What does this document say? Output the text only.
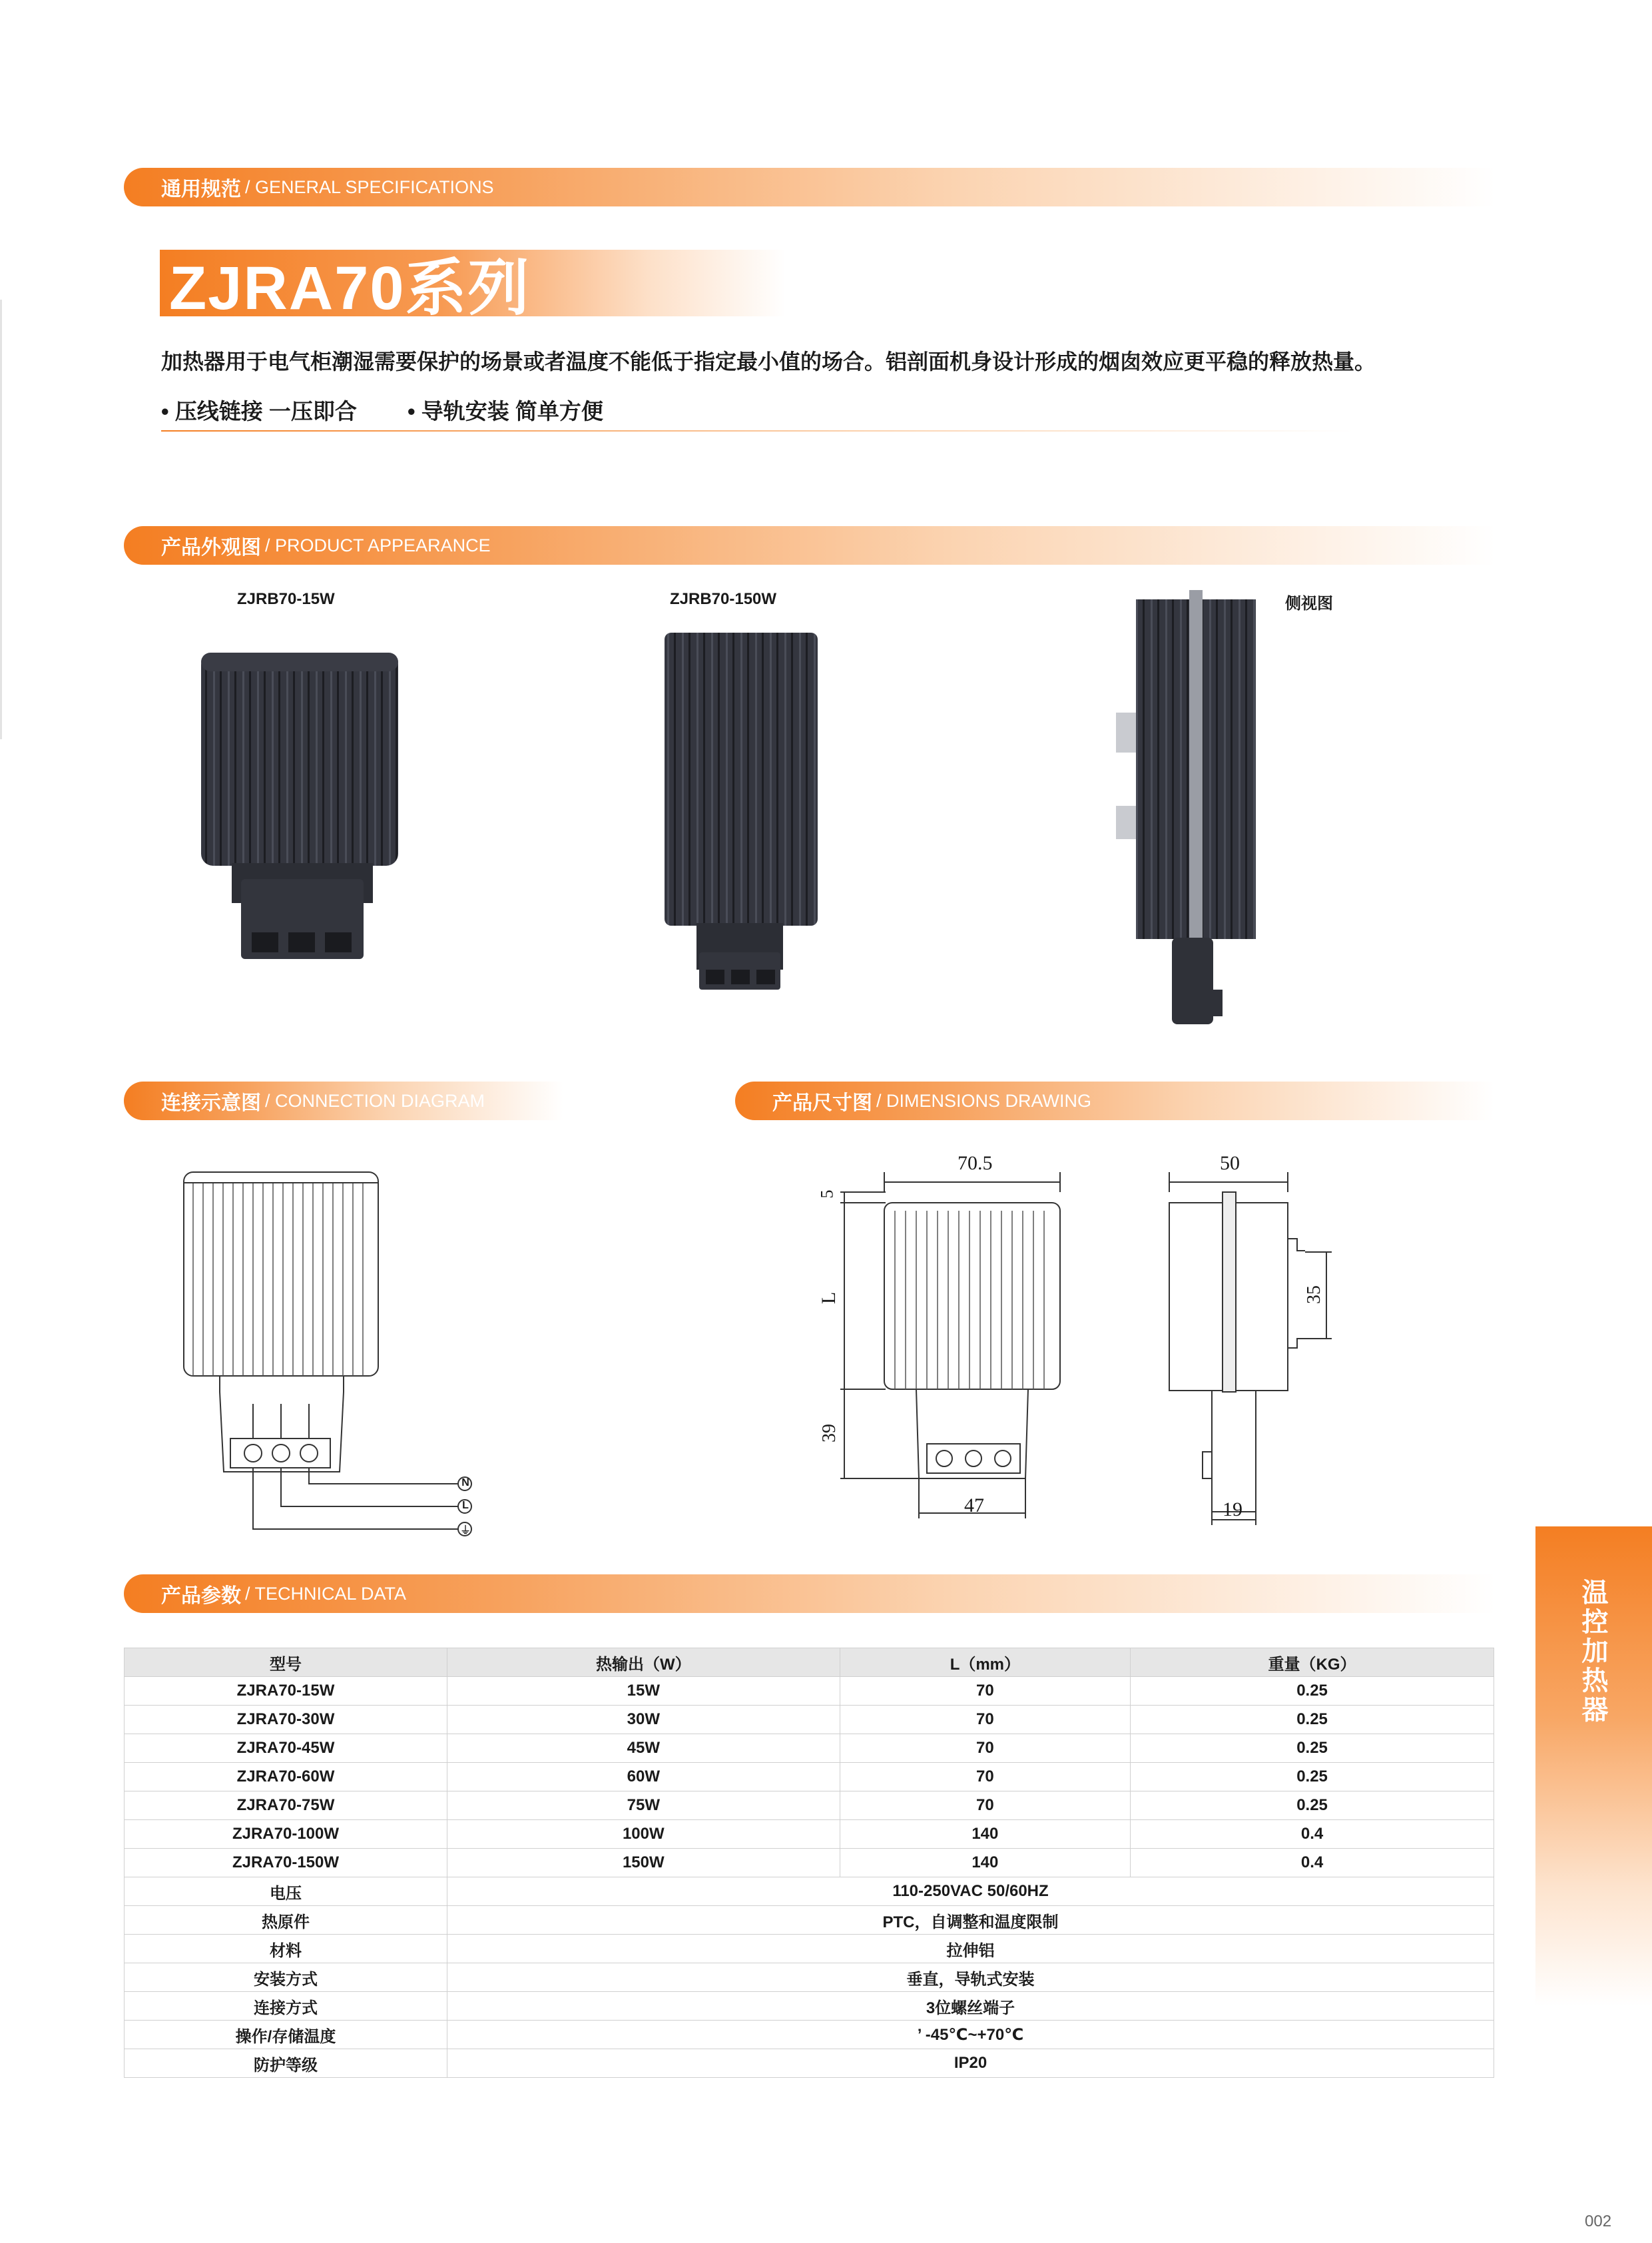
通用规范 / GENERAL SPECIFICATIONS
ZJRA70系列
加热器用于电气柜潮湿需要保护的场景或者温度不能低于指定最小值的场合。铝剖面机身设计形成的烟囱效应更平稳的释放热量。
• 压线链接 一压即合 • 导轨安装 简单方便
产品外观图 / PRODUCT APPEARANCE
ZJRB70-15W	ZJRB70-150W	侧视图
连接示意图 / CONNECTION DIAGRAM	产品尺寸图 / DIMENSIONS DRAWING
70.5
5
L
39
47
50
35
19
N
L
⏚
产品参数 / TECHNICAL DATA
型号	热输出（W）	L（mm）	重量（KG）
ZJRA70-15W	15W	70	0.25
ZJRA70-30W	30W	70	0.25
ZJRA70-45W	45W	70	0.25
ZJRA70-60W	60W	70	0.25
ZJRA70-75W	75W	70	0.25
ZJRA70-100W	100W	140	0.4
ZJRA70-150W	150W	140	0.4
电压	110-250VAC 50/60HZ		
热原件	PTC，自调整和温度限制		
材料	拉伸铝		
安装方式	垂直，导轨式安装		
连接方式	3位螺丝端子		
操作/存储温度	’ -45℃~+70℃		
防护等级	IP20		
温控加热器
002
